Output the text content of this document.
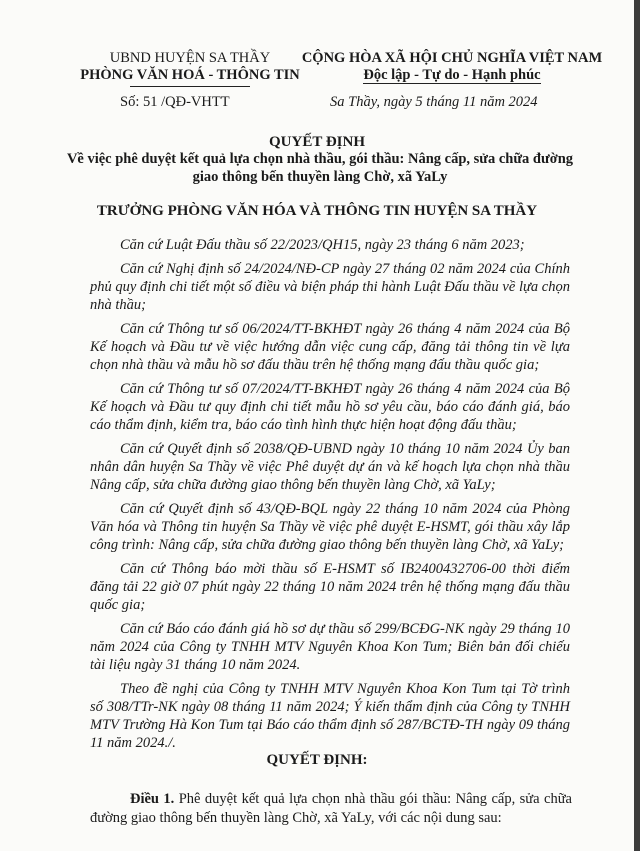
UBND HUYỆN SA THẦY
PHÒNG VĂN HOÁ - THÔNG TIN
CỘNG HÒA XÃ HỘI CHỦ NGHĨA VIỆT NAM
Độc lập - Tự do - Hạnh phúc
Số: 51 /QĐ-VHTT	Sa Thầy, ngày 5 tháng 11 năm 2024
QUYẾT ĐỊNH
Về việc phê duyệt kết quả lựa chọn nhà thầu, gói thầu: Nâng cấp, sửa chữa đường giao thông bến thuyền làng Chờ, xã YaLy
TRƯỞNG PHÒNG VĂN HÓA VÀ THÔNG TIN HUYỆN SA THẦY

Căn cứ Luật Đấu thầu số 22/2023/QH15, ngày 23 tháng 6 năm 2023;

Căn cứ Nghị định số 24/2024/NĐ-CP ngày 27 tháng 02 năm 2024 của Chính phủ quy định chi tiết một số điều và biện pháp thi hành Luật Đấu thầu về lựa chọn nhà thầu;

Căn cứ Thông tư số 06/2024/TT-BKHĐT ngày 26 tháng 4 năm 2024 của Bộ Kế hoạch và Đầu tư về việc hướng dẫn việc cung cấp, đăng tải thông tin về lựa chọn nhà thầu và mẫu hồ sơ đấu thầu trên hệ thống mạng đấu thầu quốc gia;

Căn cứ Thông tư số 07/2024/TT-BKHĐT ngày 26 tháng 4 năm 2024 của Bộ Kế hoạch và Đầu tư quy định chi tiết mẫu hồ sơ yêu cầu, báo cáo đánh giá, báo cáo thẩm định, kiểm tra, báo cáo tình hình thực hiện hoạt động đấu thầu;

Căn cứ Quyết định số 2038/QĐ-UBND ngày 10 tháng 10 năm 2024 Ủy ban nhân dân huyện Sa Thầy về việc Phê duyệt dự án và kế hoạch lựa chọn nhà thầu Nâng cấp, sửa chữa đường giao thông bến thuyền làng Chờ, xã YaLy;

Căn cứ Quyết định số 43/QĐ-BQL ngày 22 tháng 10 năm 2024 của Phòng Văn hóa và Thông tin huyện Sa Thầy về việc phê duyệt E-HSMT, gói thầu xây lắp công trình: Nâng cấp, sửa chữa đường giao thông bến thuyền làng Chờ, xã YaLy;

Căn cứ Thông báo mời thầu số E-HSMT số IB2400432706-00 thời điểm đăng tải 22 giờ 07 phút ngày 22 tháng 10 năm 2024 trên hệ thống mạng đấu thầu quốc gia;

Căn cứ Báo cáo đánh giá hồ sơ dự thầu số 299/BCĐG-NK ngày 29 tháng 10 năm 2024 của Công ty TNHH MTV Nguyên Khoa Kon Tum; Biên bản đối chiếu tài liệu ngày 31 tháng 10 năm 2024.

Theo đề nghị của Công ty TNHH MTV Nguyên Khoa Kon Tum tại Tờ trình số 308/TTr-NK ngày 08 tháng 11 năm 2024; Ý kiến thẩm định của Công ty TNHH MTV Trường Hà Kon Tum tại Báo cáo thẩm định số 287/BCTĐ-TH ngày 09 tháng 11 năm 2024./.

QUYẾT ĐỊNH:
Điều 1. Phê duyệt kết quả lựa chọn nhà thầu gói thầu: Nâng cấp, sửa chữa đường giao thông bến thuyền làng Chờ, xã YaLy, với các nội dung sau:
